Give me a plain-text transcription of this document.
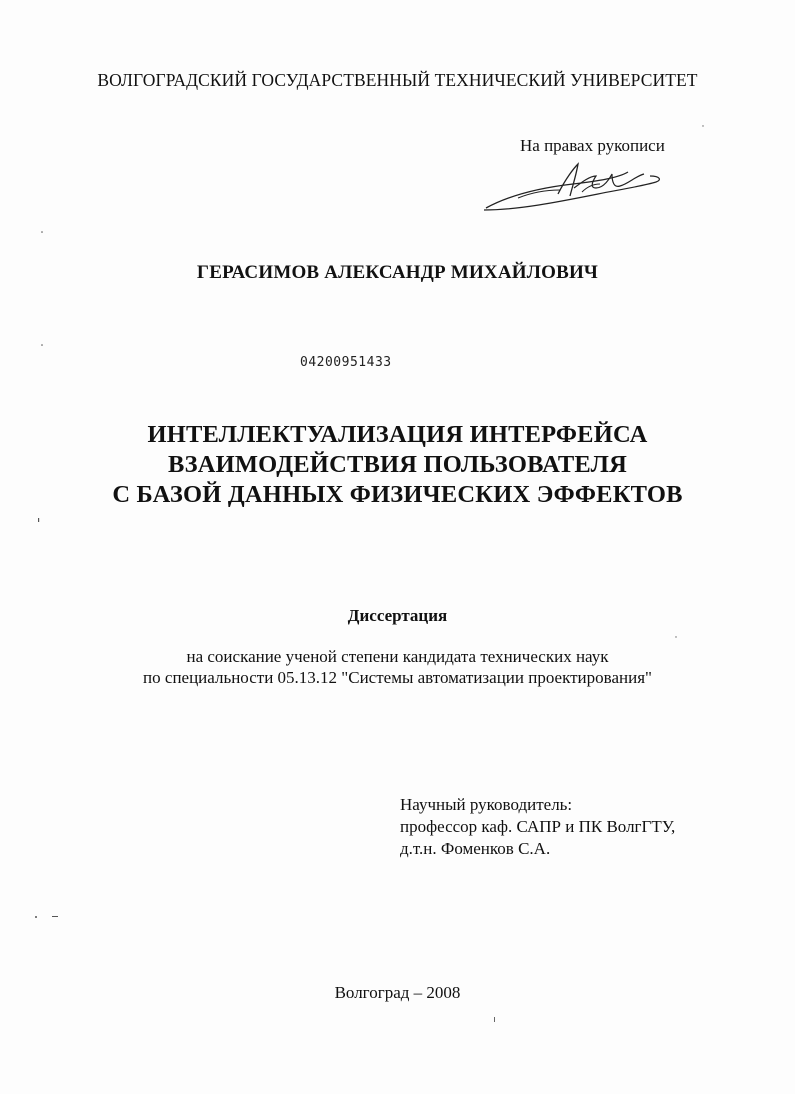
ВОЛГОГРАДСКИЙ ГОСУДАРСТВЕННЫЙ ТЕХНИЧЕСКИЙ УНИВЕРСИТЕТ
На правах рукописи
ГЕРАСИМОВ АЛЕКСАНДР МИХАЙЛОВИЧ
04200951433
ИНТЕЛЛЕКТУАЛИЗАЦИЯ ИНТЕРФЕЙСА
ВЗАИМОДЕЙСТВИЯ ПОЛЬЗОВАТЕЛЯ
С БАЗОЙ ДАННЫХ ФИЗИЧЕСКИХ ЭФФЕКТОВ
Диссертация
на соискание ученой степени кандидата технических наук
по специальности 05.13.12 "Системы автоматизации проектирования"
Научный руководитель:
профессор каф. САПР и ПК ВолгГТУ,
д.т.н. Фоменков С.А.
Волгоград – 2008
